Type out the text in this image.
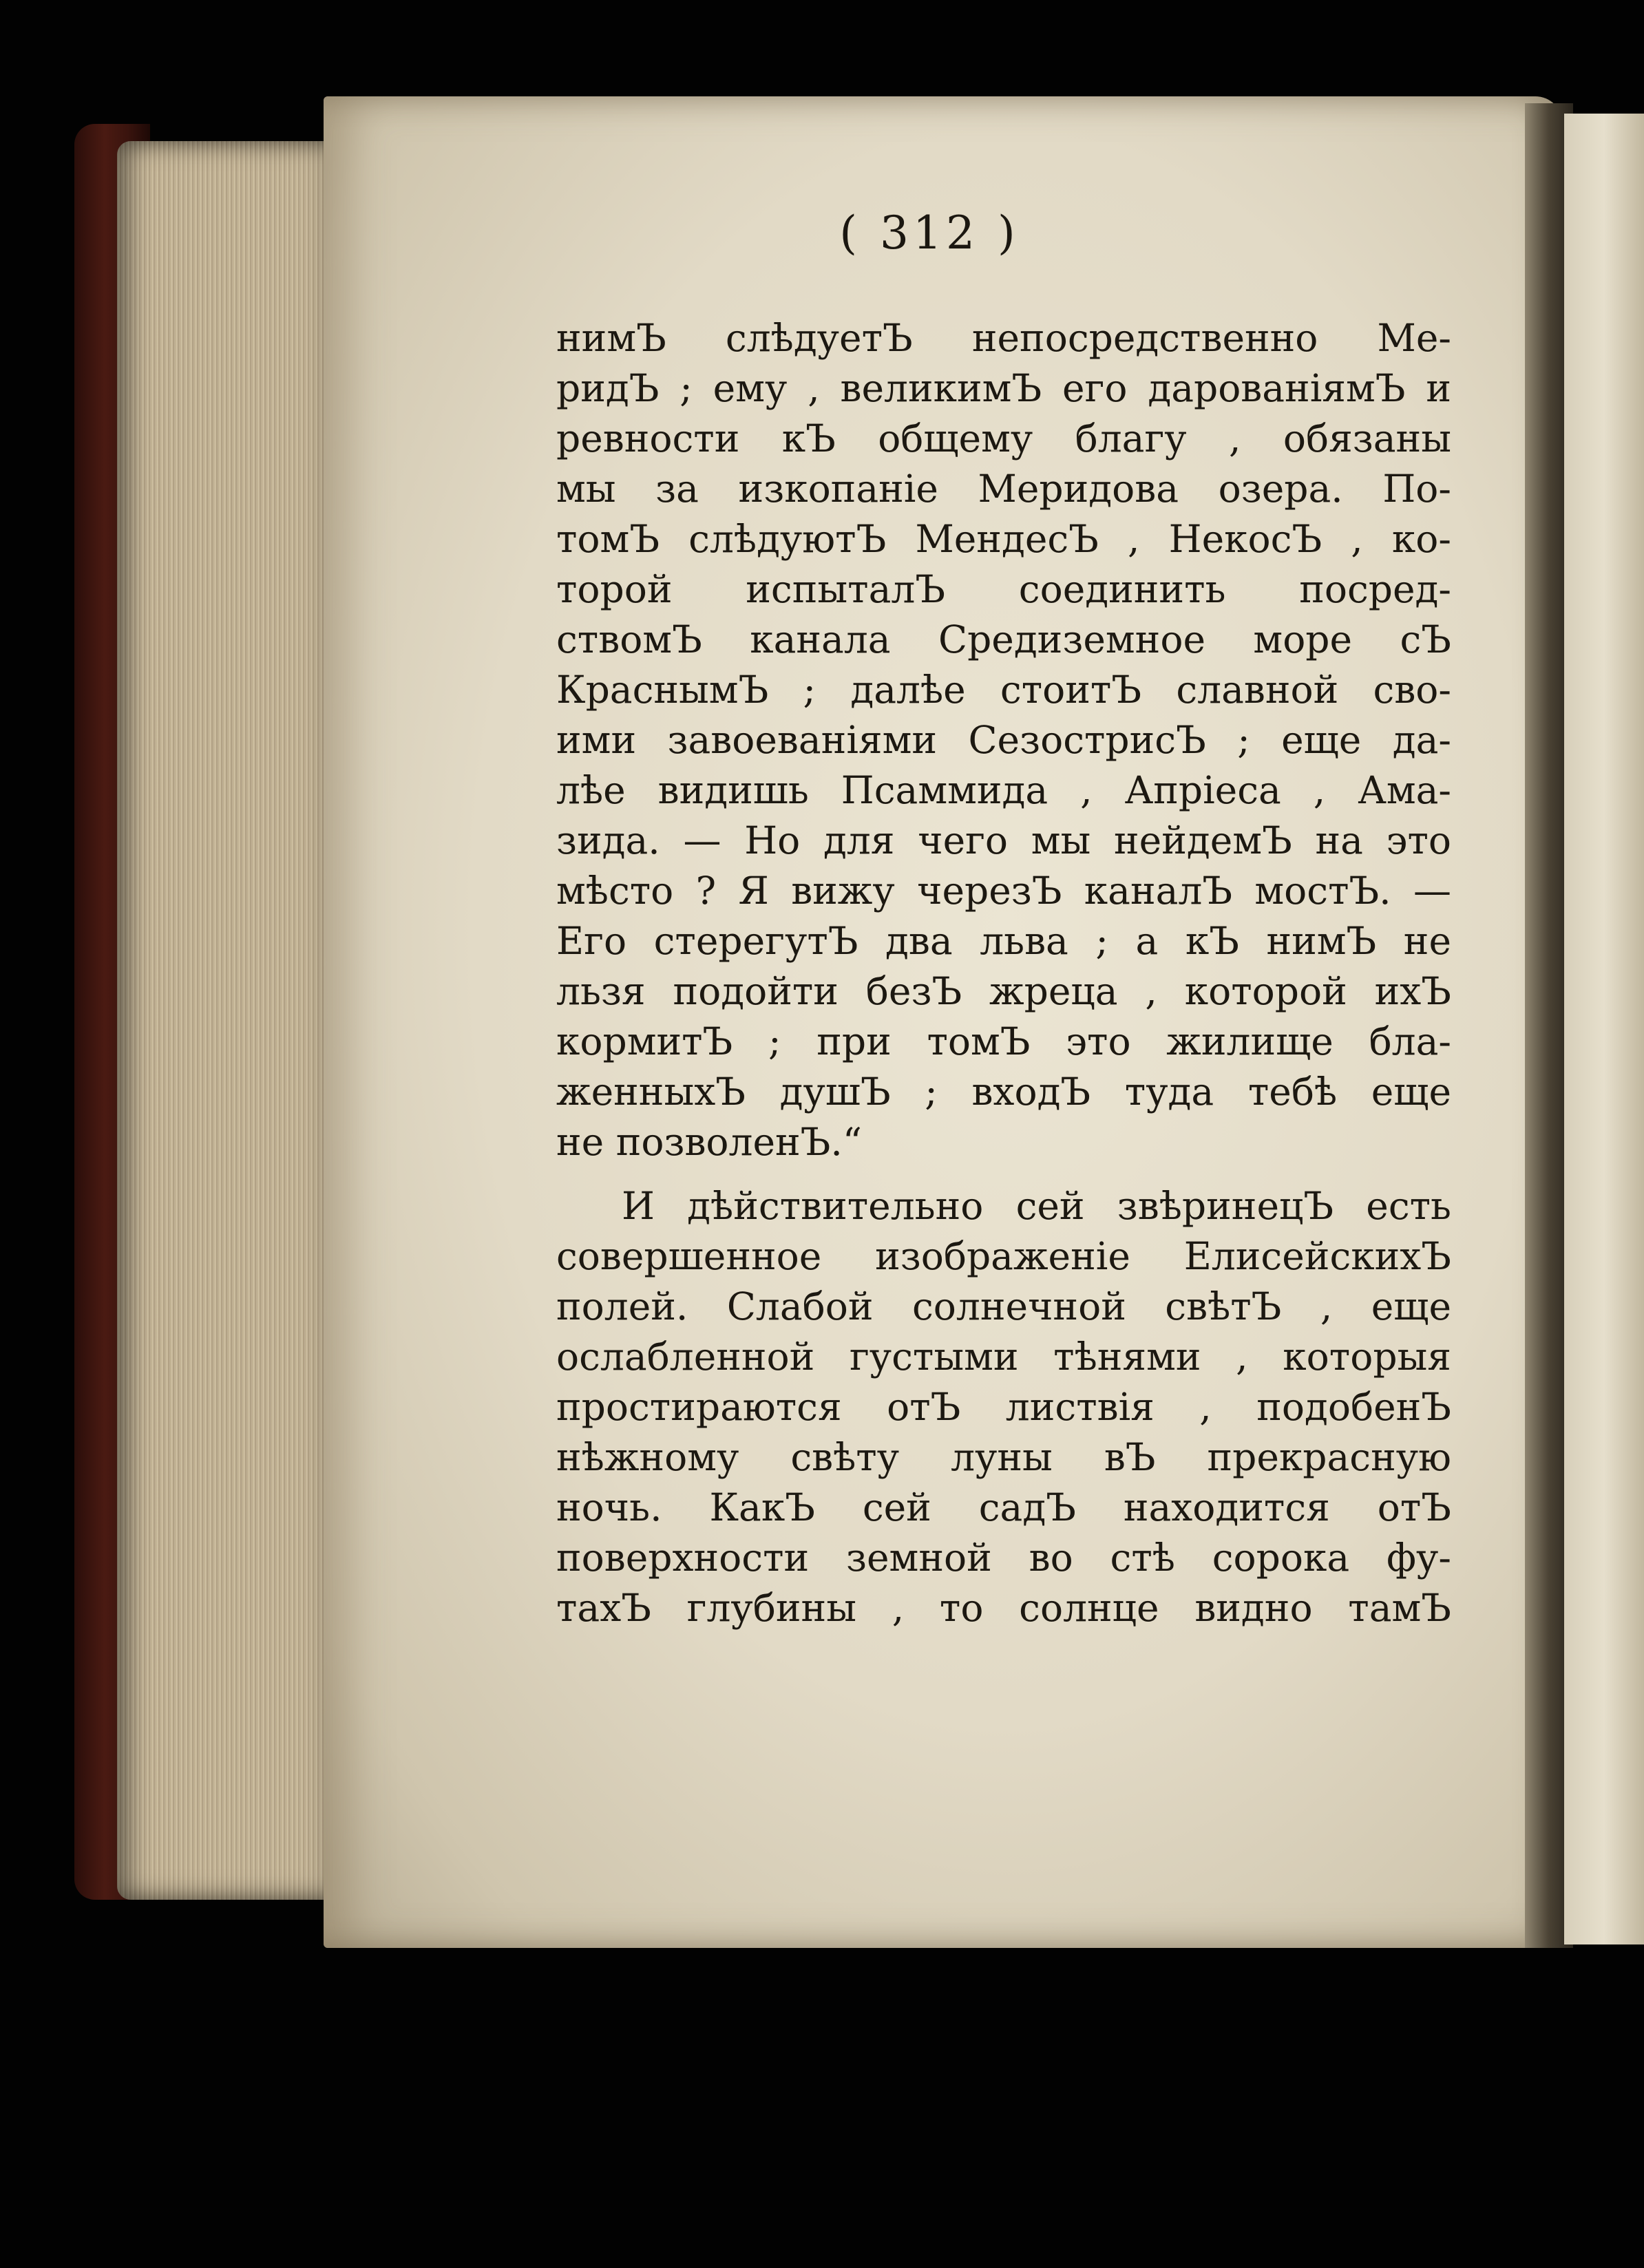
( 312 )
нимЪ слѣдуетЪ непосредственно Ме-
ридЪ ; ему , великимЪ его дарованіямЪ и
ревности кЪ общему благу , обязаны
мы за изкопаніе Меридова озера. По-
томЪ слѣдуютЪ МендесЪ , НекосЪ , ко-
торой испыталЪ соединить посред-
ствомЪ канала Средиземное море сЪ
КраснымЪ ; далѣе стоитЪ славной сво-
ими завоеваніями СезострисЪ ; еще да-
лѣе видишь Псаммида , Апріеса , Ама-
зида. — Но для чего мы нейдемЪ на это
мѣсто ? Я вижу черезЪ каналЪ мостЪ. —
Его стерегутЪ два льва ; а кЪ нимЪ не
льзя подойти безЪ жреца , которой ихЪ
кормитЪ ; при томЪ это жилище бла-
женныхЪ душЪ ; входЪ туда тебѣ еще
не позволенЪ.“
И дѣйствительно сей звѣринецЪ есть
совершенное изображеніе ЕлисейскихЪ
полей. Слабой солнечной свѣтЪ , еще
ослабленной густыми тѣнями , которыя
простираются отЪ листвія , подобенЪ
нѣжному свѣту луны вЪ прекрасную
ночь. КакЪ сей садЪ находится отЪ
поверхности земной во стѣ сорока фу-
тахЪ глубины , то солнце видно тамЪ
